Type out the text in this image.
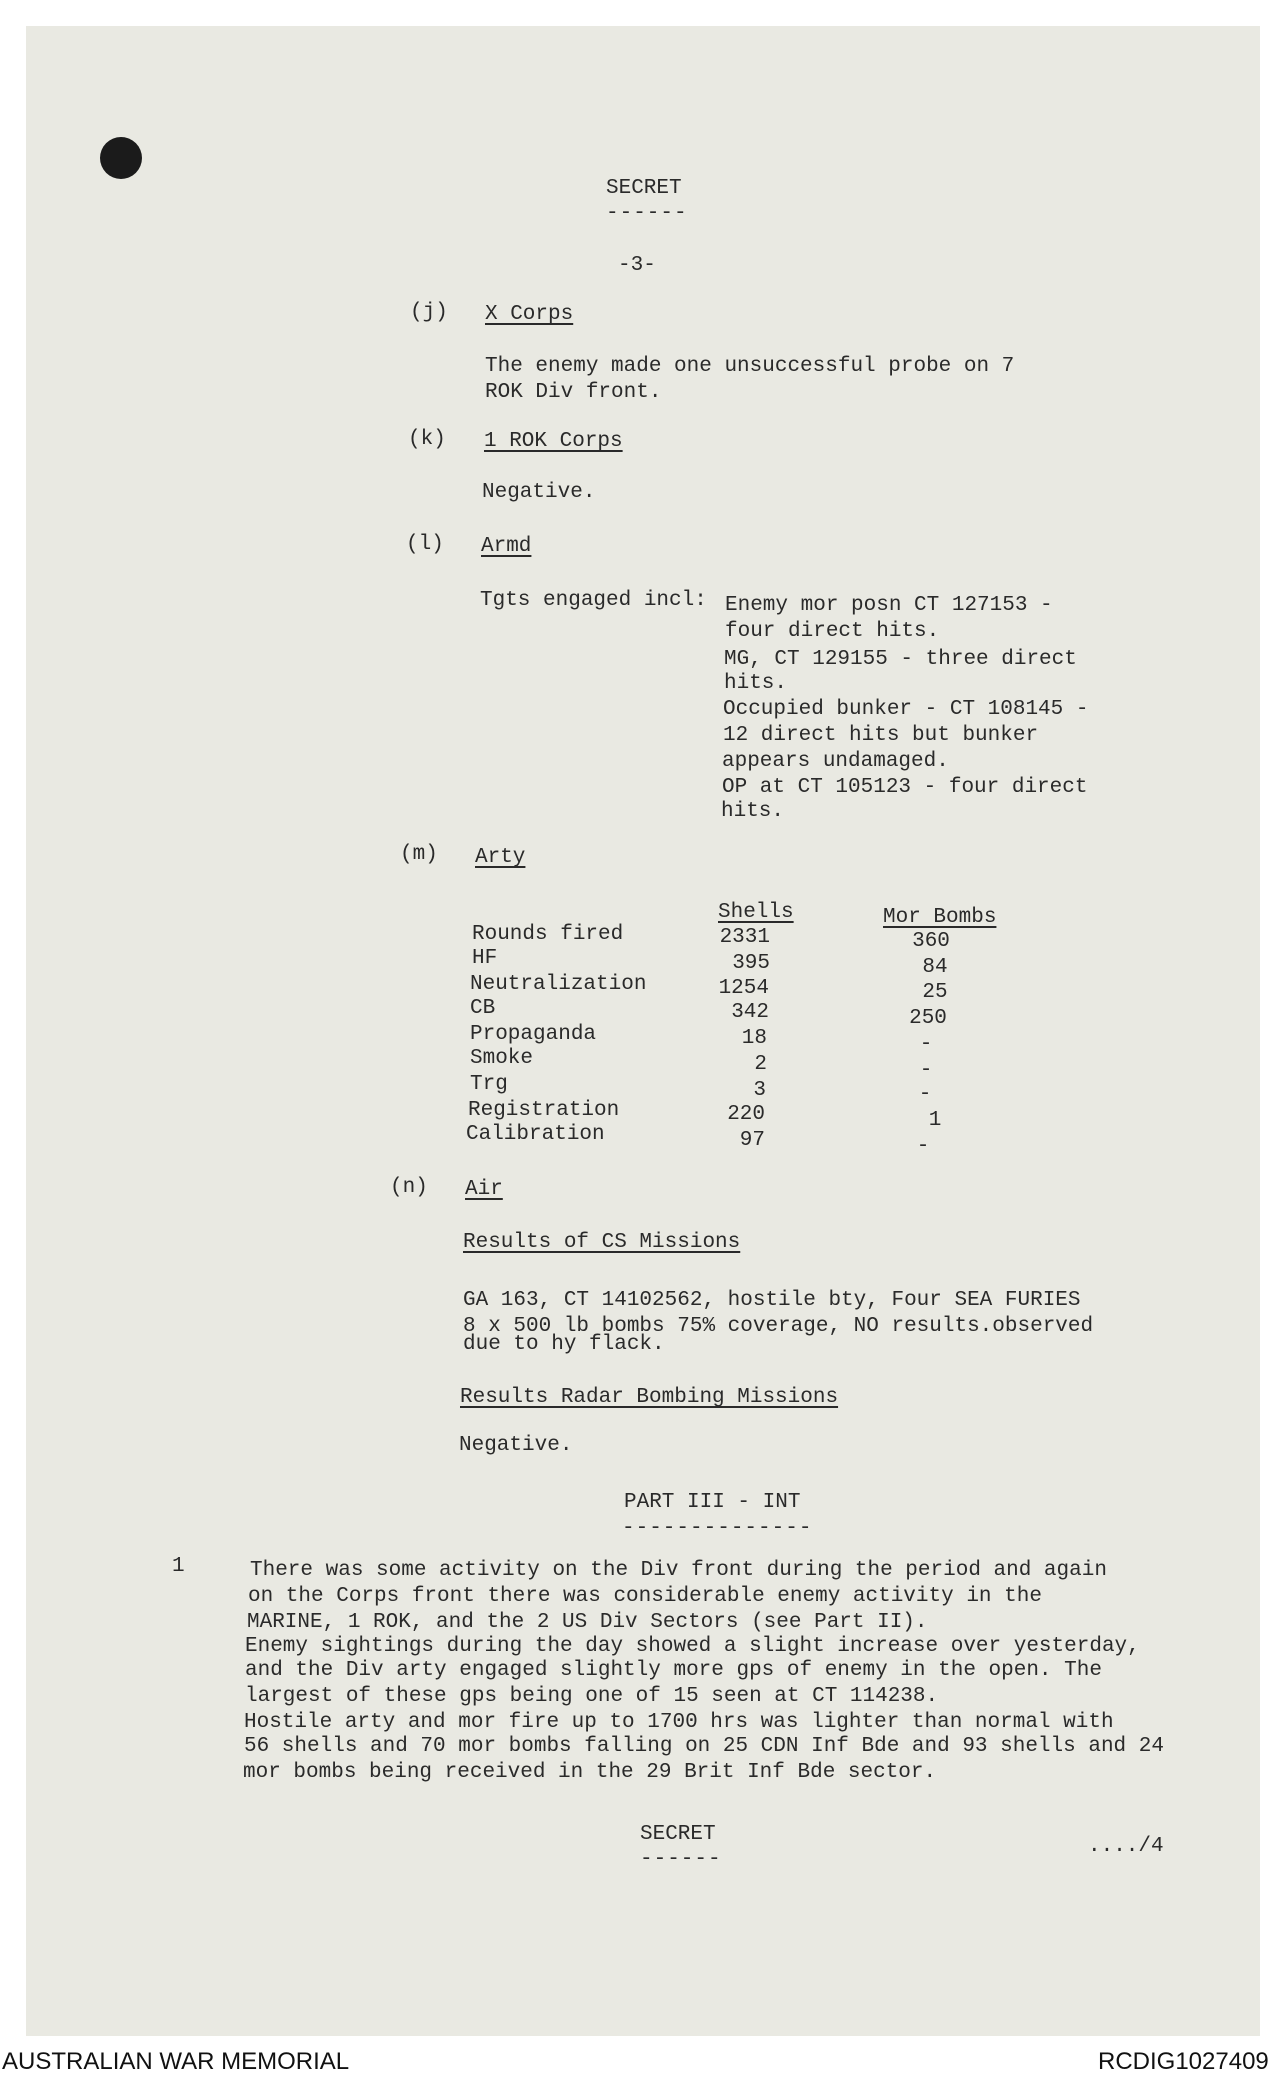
SECRET
------
-3-
(j) X Corps
The enemy made one unsuccessful probe on 7
ROK Div front.
(k) 1 ROK Corps
Negative.
(l) Armd
Tgts engaged incl: Enemy mor posn CT 127153 -
four direct hits.
MG, CT 129155 - three direct
hits.
Occupied bunker - CT 108145 -
12 direct hits but bunker
appears undamaged.
OP at CT 105123 - four direct
hits.
(m) Arty
Shells	Mor Bombs
Rounds fired	2331	360
HF	395	84
Neutralization	1254	25
CB	342	250
Propaganda	18	-
Smoke	2	-
Trg	3	-
Registration	220	1
Calibration	97	-
(n) Air
Results of CS Missions
GA 163, CT 14102562, hostile bty, Four SEA FURIES
8 x 500 lb bombs 75% coverage, NO results.observed
due to hy flack.
Results Radar Bombing Missions
Negative.
PART III - INT
--------------
1	There was some activity on the Div front during the period and again
on the Corps front there was considerable enemy activity in the
MARINE, 1 ROK, and the 2 US Div Sectors (see Part II).
Enemy sightings during the day showed a slight increase over yesterday,
and the Div arty engaged slightly more gps of enemy in the open. The
largest of these gps being one of 15 seen at CT 114238.
Hostile arty and mor fire up to 1700 hrs was lighter than normal with
56 shells and 70 mor bombs falling on 25 CDN Inf Bde and 93 shells and 24
mor bombs being received in the 29 Brit Inf Bde sector.
SECRET
------
..../4
AUSTRALIAN WAR MEMORIAL	RCDIG1027409
